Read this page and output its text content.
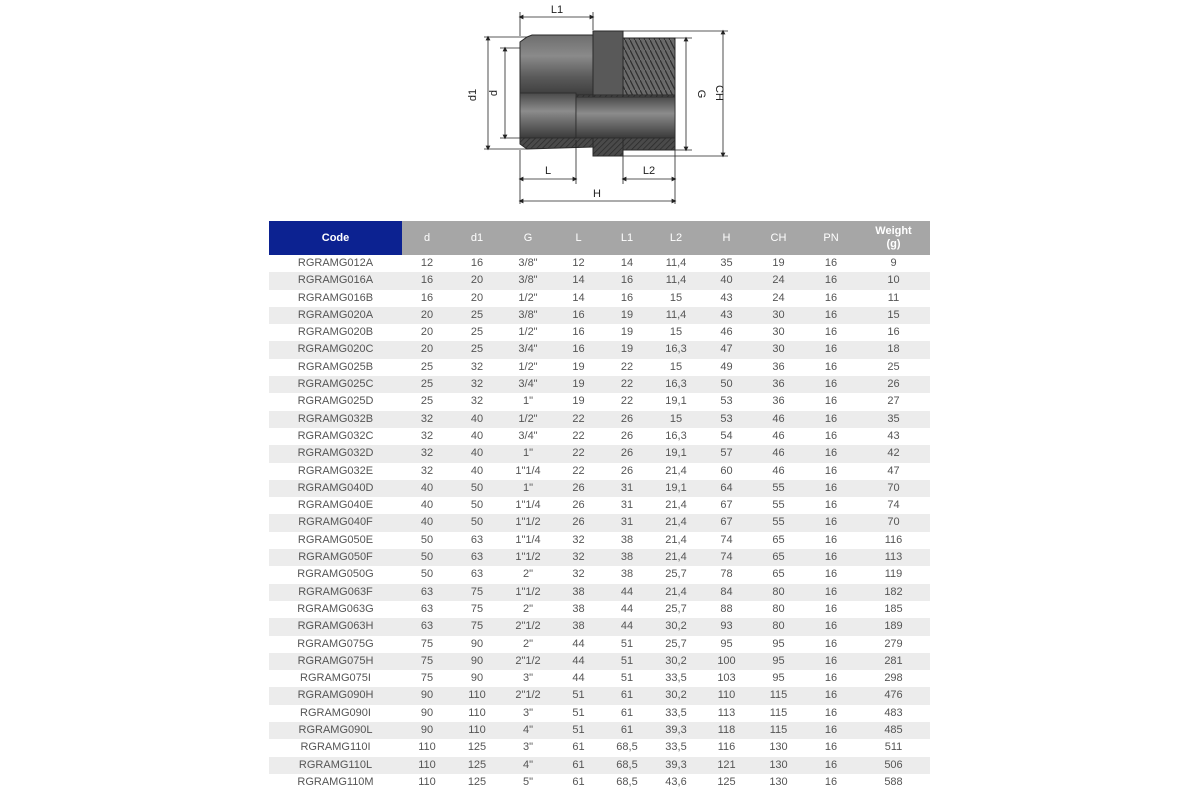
L1
d1 d	G CH
L	L2
H
Code	d	d1	G	L	L1	L2	H	CH	PN	Weight
(g)
RGRAMG012A	12	16	3/8"	12	14	11,4	35	19	16	9
RGRAMG016A	16	20	3/8"	14	16	11,4	40	24	16	10
RGRAMG016B	16	20	1/2"	14	16	15	43	24	16	11
RGRAMG020A	20	25	3/8"	16	19	11,4	43	30	16	15
RGRAMG020B	20	25	1/2"	16	19	15	46	30	16	16
RGRAMG020C	20	25	3/4"	16	19	16,3	47	30	16	18
RGRAMG025B	25	32	1/2"	19	22	15	49	36	16	25
RGRAMG025C	25	32	3/4"	19	22	16,3	50	36	16	26
RGRAMG025D	25	32	1"	19	22	19,1	53	36	16	27
RGRAMG032B	32	40	1/2"	22	26	15	53	46	16	35
RGRAMG032C	32	40	3/4"	22	26	16,3	54	46	16	43
RGRAMG032D	32	40	1"	22	26	19,1	57	46	16	42
RGRAMG032E	32	40	1"1/4	22	26	21,4	60	46	16	47
RGRAMG040D	40	50	1"	26	31	19,1	64	55	16	70
RGRAMG040E	40	50	1"1/4	26	31	21,4	67	55	16	74
RGRAMG040F	40	50	1"1/2	26	31	21,4	67	55	16	70
RGRAMG050E	50	63	1"1/4	32	38	21,4	74	65	16	116
RGRAMG050F	50	63	1"1/2	32	38	21,4	74	65	16	113
RGRAMG050G	50	63	2"	32	38	25,7	78	65	16	119
RGRAMG063F	63	75	1"1/2	38	44	21,4	84	80	16	182
RGRAMG063G	63	75	2"	38	44	25,7	88	80	16	185
RGRAMG063H	63	75	2"1/2	38	44	30,2	93	80	16	189
RGRAMG075G	75	90	2"	44	51	25,7	95	95	16	279
RGRAMG075H	75	90	2"1/2	44	51	30,2	100	95	16	281
RGRAMG075I	75	90	3"	44	51	33,5	103	95	16	298
RGRAMG090H	90	110	2"1/2	51	61	30,2	110	115	16	476
RGRAMG090I	90	110	3"	51	61	33,5	113	115	16	483
RGRAMG090L	90	110	4"	51	61	39,3	118	115	16	485
RGRAMG110I	110	125	3"	61	68,5	33,5	116	130	16	511
RGRAMG110L	110	125	4"	61	68,5	39,3	121	130	16	506
RGRAMG110M	110	125	5"	61	68,5	43,6	125	130	16	588
